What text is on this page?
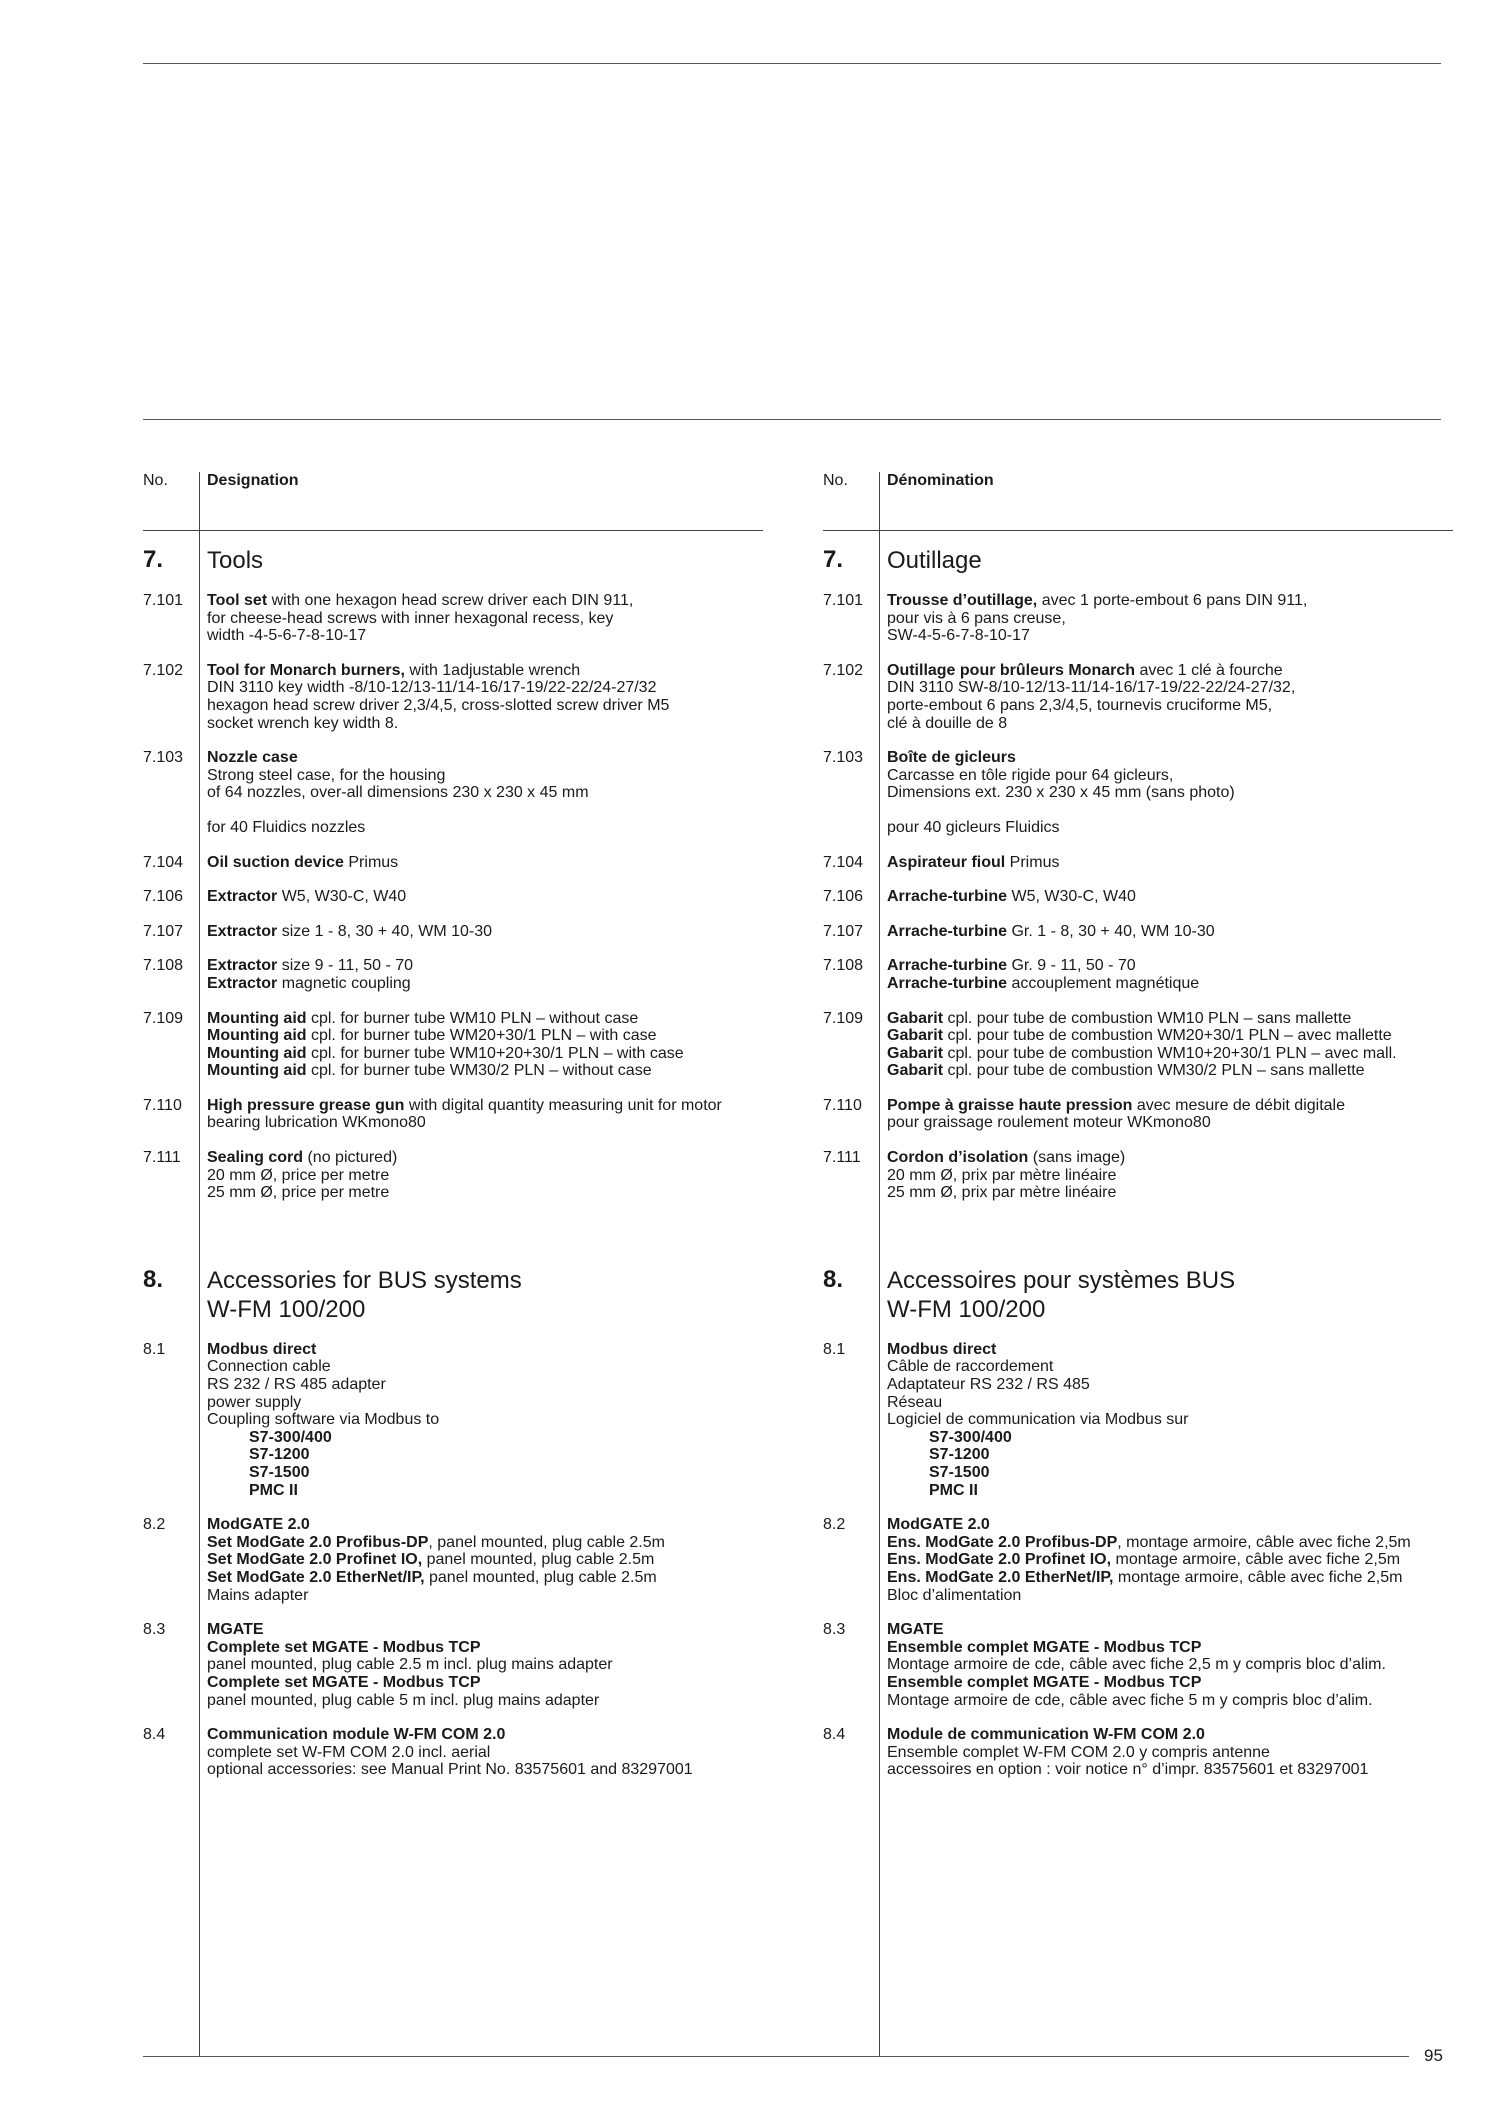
No. Designation
7. Tools
7.101 Tool set with one hexagon head screw driver each DIN 911,
for cheese-head screws with inner hexagonal recess, key
width -4-5-6-7-8-10-17
7.102 Tool for Monarch burners, with 1adjustable wrench
DIN 3110 key width -8/10-12/13-11/14-16/17-19/22-22/24-27/32
hexagon head screw driver 2,3/4,5, cross-slotted screw driver M5
socket wrench key width 8.
7.103 Nozzle case
Strong steel case, for the housing
of 64 nozzles, over-all dimensions 230 x 230 x 45 mm
for 40 Fluidics nozzles
7.104 Oil suction device Primus
7.106 Extractor W5, W30-C, W40
7.107 Extractor size 1 - 8, 30 + 40, WM 10-30
7.108 Extractor size 9 - 11, 50 - 70
Extractor magnetic coupling
7.109 Mounting aid cpl. for burner tube WM10 PLN – without case
Mounting aid cpl. for burner tube WM20+30/1 PLN – with case
Mounting aid cpl. for burner tube WM10+20+30/1 PLN – with case
Mounting aid cpl. for burner tube WM30/2 PLN – without case
7.110 High pressure grease gun with digital quantity measuring unit for motor
bearing lubrication WKmono80
7.111 Sealing cord (no pictured)
20 mm Ø, price per metre
25 mm Ø, price per metre
8. Accessories for BUS systems
W-FM 100/200
8.1	Modbus direct
Connection cable
RS 232 / RS 485 adapter
power supply
Coupling software via Modbus to
S7-300/400
S7-1200
S7-1500
PMC II
8.2	ModGATE 2.0
Set ModGate 2.0 Profibus-DP, panel mounted, plug cable 2.5m
Set ModGate 2.0 Profinet IO, panel mounted, plug cable 2.5m
Set ModGate 2.0 EtherNet/IP, panel mounted, plug cable 2.5m
Mains adapter
8.3	MGATE
Complete set MGATE - Modbus TCP
panel mounted, plug cable 2.5 m incl. plug mains adapter
Complete set MGATE - Modbus TCP
panel mounted, plug cable 5 m incl. plug mains adapter
8.4	Communication module W-FM COM 2.0
complete set W-FM COM 2.0 incl. aerial
optional accessories: see Manual Print No. 83575601 and 83297001
No. Dénomination
7. Outillage
7.101 Trousse d’outillage, avec 1 porte-embout 6 pans DIN 911,
pour vis à 6 pans creuse,
SW-4-5-6-7-8-10-17
7.102 Outillage pour brûleurs Monarch avec 1 clé à fourche
DIN 3110 SW-8/10-12/13-11/14-16/17-19/22-22/24-27/32,
porte-embout 6 pans 2,3/4,5, tournevis cruciforme M5,
clé à douille de 8
7.103 Boîte de gicleurs
Carcasse en tôle rigide pour 64 gicleurs,
Dimensions ext. 230 x 230 x 45 mm (sans photo)
pour 40 gicleurs Fluidics
7.104 Aspirateur fioul Primus
7.106 Arrache-turbine W5, W30-C, W40
7.107 Arrache-turbine Gr. 1 - 8, 30 + 40, WM 10-30
7.108 Arrache-turbine Gr. 9 - 11, 50 - 70
Arrache-turbine accouplement magnétique
7.109 Gabarit cpl. pour tube de combustion WM10 PLN – sans mallette
Gabarit cpl. pour tube de combustion WM20+30/1 PLN – avec mallette
Gabarit cpl. pour tube de combustion WM10+20+30/1 PLN – avec mall.
Gabarit cpl. pour tube de combustion WM30/2 PLN – sans mallette
7.110 Pompe à graisse haute pression avec mesure de débit digitale
pour graissage roulement moteur WKmono80
7.111 Cordon d’isolation (sans image)
20 mm Ø, prix par mètre linéaire
25 mm Ø, prix par mètre linéaire
8. Accessoires pour systèmes BUS
W-FM 100/200
8.1	Modbus direct
Câble de raccordement
Adaptateur RS 232 / RS 485
Réseau
Logiciel de communication via Modbus sur
S7-300/400
S7-1200
S7-1500
PMC II
8.2	ModGATE 2.0
Ens. ModGate 2.0 Profibus-DP, montage armoire, câble avec fiche 2,5m
Ens. ModGate 2.0 Profinet IO, montage armoire, câble avec fiche 2,5m
Ens. ModGate 2.0 EtherNet/IP, montage armoire, câble avec fiche 2,5m
Bloc d’alimentation
8.3	MGATE
Ensemble complet MGATE - Modbus TCP
Montage armoire de cde, câble avec fiche 2,5 m y compris bloc d’alim.
Ensemble complet MGATE - Modbus TCP
Montage armoire de cde, câble avec fiche 5 m y compris bloc d’alim.
8.4	Module de communication W-FM COM 2.0
Ensemble complet W-FM COM 2.0 y compris antenne
accessoires en option : voir notice n° d’impr. 83575601 et 83297001
95
